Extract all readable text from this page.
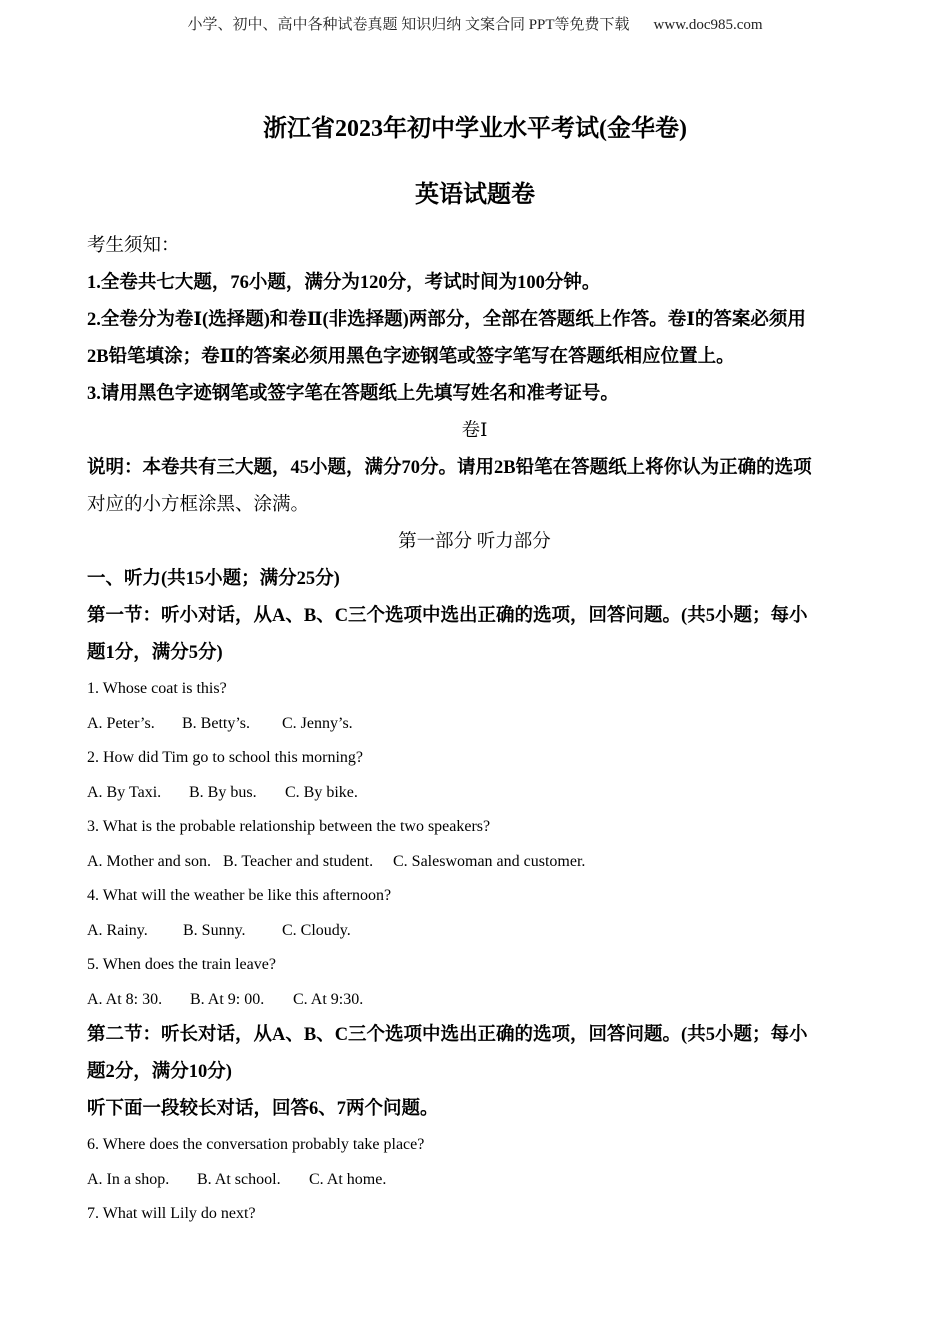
小学、初中、高中各种试卷真题 知识归纳 文案合同 PPT等免费下载 www.doc985.com
浙江省2023年初中学业水平考试(金华卷)
英语试题卷
考生须知：
1.全卷共七大题，76小题，满分为120分，考试时间为100分钟。
2.全卷分为卷Ⅰ(选择题)和卷Ⅱ(非选择题)两部分，全部在答题纸上作答。卷Ⅰ的答案必须用
2B铅笔填涂；卷Ⅱ的答案必须用黑色字迹钢笔或签字笔写在答题纸相应位置上。
3.请用黑色字迹钢笔或签字笔在答题纸上先填写姓名和准考证号。
卷Ⅰ
说明：本卷共有三大题，45小题，满分70分。请用2B铅笔在答题纸上将你认为正确的选项
对应的小方框涂黑、涂满。
第一部分 听力部分
一、听力(共15小题；满分25分)
第一节：听小对话，从A、B、C三个选项中选出正确的选项，回答问题。(共5小题；每小
题1分，满分5分)
1. Whose coat is this?
A. Peter’s. B. Betty’s. C. Jenny’s.
2. How did Tim go to school this morning?
A. By Taxi. B. By bus. C. By bike.
3. What is the probable relationship between the two speakers?
A. Mother and son. B. Teacher and student. C. Saleswoman and customer.
4. What will the weather be like this afternoon?
A. Rainy. B. Sunny. C. Cloudy.
5. When does the train leave?
A. At 8: 30. B. At 9: 00. C. At 9:30.
第二节：听长对话，从A、B、C三个选项中选出正确的选项，回答问题。(共5小题；每小
题2分，满分10分)
听下面一段较长对话，回答6、7两个问题。
6. Where does the conversation probably take place?
A. In a shop. B. At school. C. At home.
7. What will Lily do next?
